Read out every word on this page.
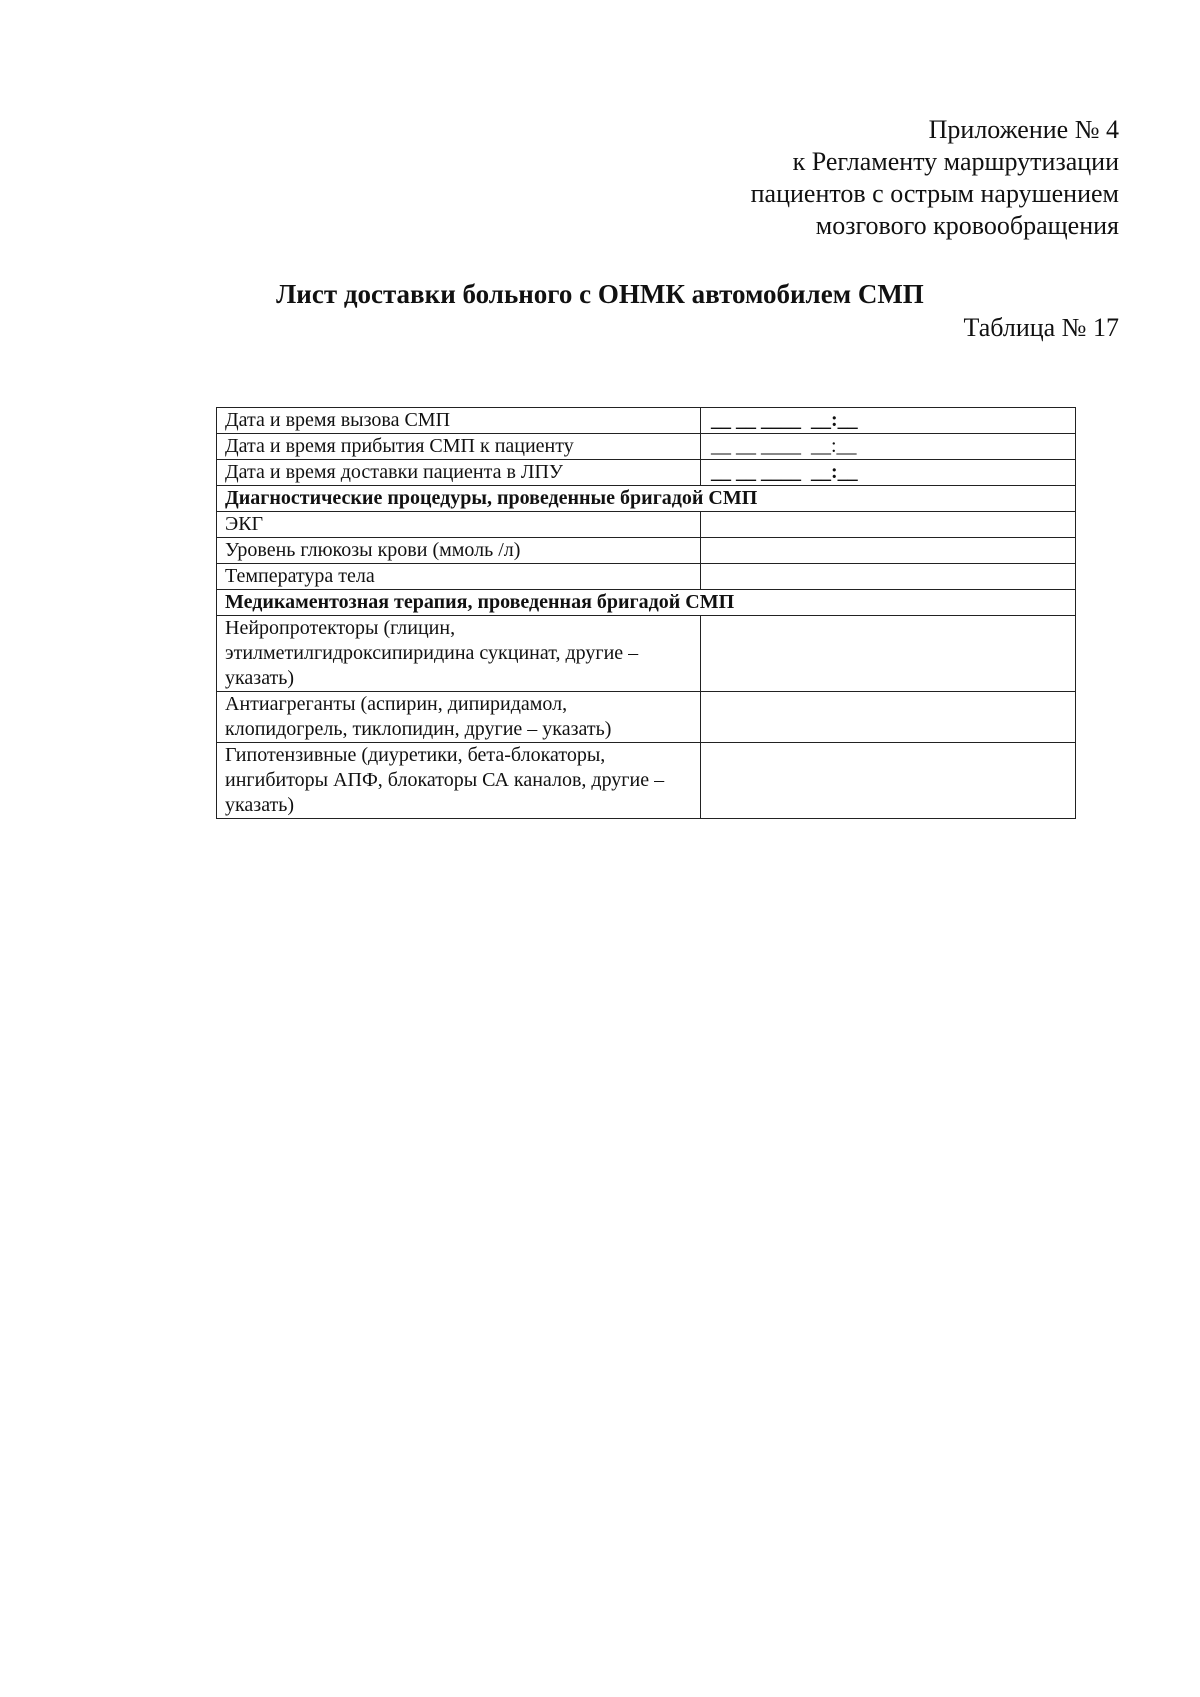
Приложение № 4
к Регламенту маршрутизации
пациентов с острым нарушением
мозгового кровообращения
Лист доставки больного с ОНМК автомобилем СМП
Таблица № 17
Дата и время вызова СМП	__ __ ____  __:__
Дата и время прибытия СМП к пациенту	__ __ ____  __:__
Дата и время доставки пациента в ЛПУ	__ __ ____  __:__
Диагностические процедуры, проведенные бригадой СМП	
ЭКГ	
Уровень глюкозы крови (ммоль /л)	
Температура тела	
Медикаментозная терапия, проведенная бригадой СМП	
Нейропротекторы (глицин, этилметилгидроксипиридина сукцинат, другие – указать)	
Антиагреганты (аспирин, дипиридамол, клопидогрель, тиклопидин, другие – указать)	
Гипотензивные (диуретики, бета-блокаторы, ингибиторы АПФ, блокаторы СА каналов, другие – указать)	
